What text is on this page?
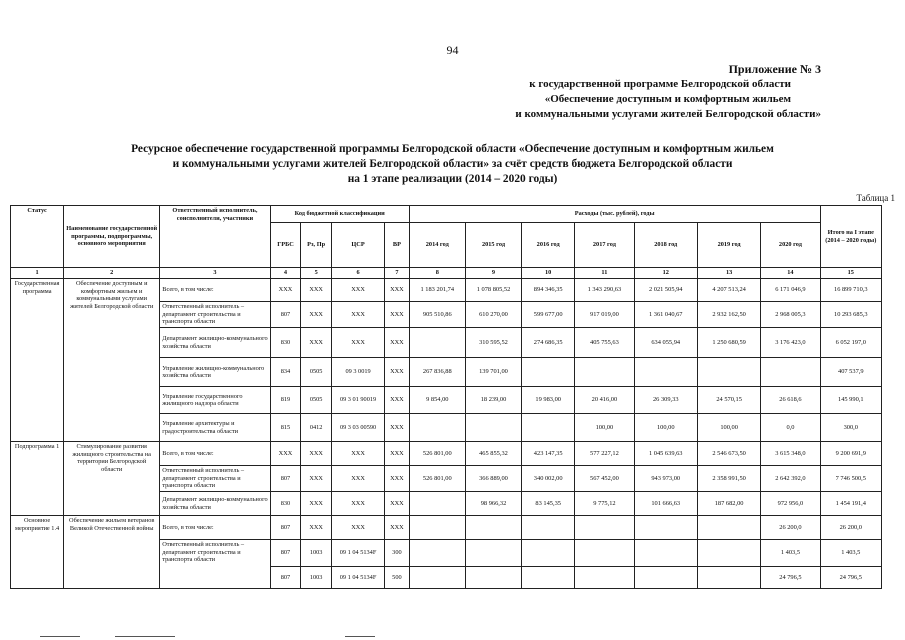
94
Приложение № 3
к государственной программе Белгородской области
«Обеспечение доступным и комфортным жильем
и коммунальными услугами жителей Белгородской области»
Ресурсное обеспечение государственной программы Белгородской области «Обеспечение доступным и комфортным жильем
и коммунальными услугами жителей Белгородской области» за счёт средств бюджета Белгородской области
на 1 этапе реализации (2014 – 2020 годы)
Таблица 1
Статус	Наименование государственной программы, подпрограммы, основного мероприятия	Ответственный исполнитель, соисполнители, участники	Код бюджетной классификации				Расходы (тыс. рублей), годы							Итого на I этапе (2014 – 2020 годы)
			ГРБС	Рз, Пр	ЦСР	ВР	2014 год	2015 год	2016 год	2017 год	2018 год	2019 год	2020 год	
1	2	3	4	5	6	7	8	9	10	11	12	13	14	15
Государственная программа	Обеспечение доступным и комфортным жильем и коммунальными услугами жителей Белгородской области	Всего, в том числе:	XXX	XXX	XXX	XXX	1 183 201,74	1 078 805,52	894 346,35	1 343 290,63	2 021 505,94	4 207 513,24	6 171 046,9	16 899 710,3
		Ответственный исполнитель – департамент строительства и транспорта области	807	XXX	XXX	XXX	905 510,86	610 270,00	599 677,00	917 019,00	1 361 040,67	2 932 162,50	2 968 005,3	10 293 685,3
		Департамент жилищно-коммунального хозяйства области	830	XXX	XXX	XXX		310 595,52	274 686,35	405 755,63	634 055,94	1 250 680,59	3 176 423,0	6 052 197,0
		Управление жилищно-коммунального хозяйства области	834	0505	09 3 0019	XXX	267 836,88	139 701,00						407 537,9
		Управление государственного жилищного надзора области	819	0505	09 3 01 90019	XXX	9 854,00	18 239,00	19 983,00	20 416,00	26 309,33	24 570,15	26 618,6	145 990,1
		Управление архитектуры и градостроительства области	815	0412	09 3 03 00590	XXX				100,00	100,00	100,00	0,0	300,0
Подпрограмма 1	Стимулирование развития жилищного строительства на территории Белгородской области	Всего, в том числе:	XXX	XXX	XXX	XXX	526 801,00	465 855,32	423 147,35	577 227,12	1 045 639,63	2 546 673,50	3 615 348,0	9 200 691,9
		Ответственный исполнитель – департамент строительства и транспорта области	807	XXX	XXX	XXX	526 801,00	366 889,00	340 002,00	567 452,00	943 973,00	2 358 991,50	2 642 392,0	7 746 500,5
		Департамент жилищно-коммунального хозяйства области	830	XXX	XXX	XXX		98 966,32	83 145,35	9 775,12	101 666,63	187 682,00	972 956,0	1 454 191,4
Основное мероприятие 1.4	Обеспечение жильем ветеранов Великой Отечественной войны	Всего, в том числе:	807	XXX	XXX	XXX							26 200,0	26 200,0
		Ответственный исполнитель – департамент строительства и транспорта области	807	1003	09 1 04 5134F	300							1 403,5	1 403,5
			807	1003	09 1 04 5134F	500							24 796,5	24 796,5
